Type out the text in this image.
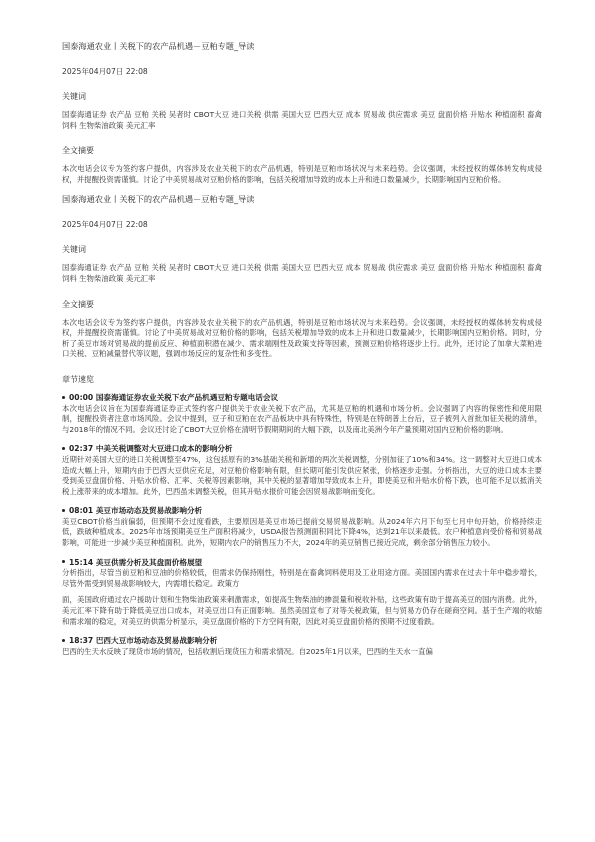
国泰海通农业丨关税下的农产品机遇－豆粕专题_导读

2025年04月07日 22:08

关键词

国泰海通证券 农产品 豆粕 关税 吴者时 CBOT大豆 进口关税 供需 美国大豆 巴西大豆 成本 贸易战 供应需求 美豆 盘面价格 升贴水 种植面积 畜禽饲料 生物柴油政策 美元汇率

全文摘要

本次电话会议专为签约客户提供，内容涉及农业关税下的农产品机遇，特别是豆粕市场状况与未来趋势。会议强调，未经授权的媒体转发构成侵权，并提醒投资需谨慎。讨论了中美贸易战对豆粕价格的影响，包括关税增加导致的成本上升和进口数量减少，长期影响国内豆粕价格。

国泰海通农业丨关税下的农产品机遇－豆粕专题_导读

2025年04月07日 22:08

关键词

国泰海通证券 农产品 豆粕 关税 吴者时 CBOT大豆 进口关税 供需 美国大豆 巴西大豆 成本 贸易战 供应需求 美豆 盘面价格 升贴水 种植面积 畜禽饲料 生物柴油政策 美元汇率

全文摘要

本次电话会议专为签约客户提供，内容涉及农业关税下的农产品机遇，特别是豆粕市场状况与未来趋势。会议强调，未经授权的媒体转发构成侵权，并提醒投资需谨慎。讨论了中美贸易战对豆粕价格的影响，包括关税增加导致的成本上升和进口数量减少，长期影响国内豆粕价格。同时，分析了美豆市场对贸易战的提前反应、种植面积潜在减少、需求端刚性及政策支持等因素，预测豆粕价格将逐步上行。此外，还讨论了加拿大菜粕进口关税、豆粕减量替代等议题，强调市场反应的复杂性和多变性。

章节速览

00:00 国泰海通证券农业关税下农产品机遇豆粕专题电话会议

本次电话会议旨在为国泰海通证券正式签约客户提供关于农业关税下农产品，尤其是豆粕的机遇和市场分析。会议强调了内容的保密性和使用限制，提醒投资者注意市场风险。会议中提到，豆子和豆粕在农产品板块中具有特殊性，特别是在特朗普上台后，豆子被列入首批加征关税的清单，与2018年的情况不同。会议还讨论了CBOT大豆价格在清明节假期期间的大幅下跌，以及南北美洲今年产量预期对国内豆粕价格的影响。

02:37 中美关税调整对大豆进口成本的影响分析

近期针对美国大豆的进口关税调整至47%，这包括原有的3%基础关税和新增的两次关税调整，分别加征了10%和34%。这一调整对大豆进口成本造成大幅上升，短期内由于巴西大豆供应充足，对豆粕价格影响有限，但长期可能引发供应紧张，价格逐步走强。分析指出，大豆的进口成本主要受到美豆盘面价格、升贴水价格、汇率、关税等因素影响，其中关税的显著增加导致成本上升，即使美豆和升贴水价格下跌，也可能不足以抵消关税上涨带来的成本增加。此外，巴西虽未调整关税，但其升贴水报价可能会因贸易战影响而变化。

08:01 美豆市场动态及贸易战影响分析

美豆CBOT价格当前偏弱，但预期不会过度看跌，主要原因是美豆市场已提前交易贸易战影响。从2024年六月下旬至七月中旬开始，价格持续走低，跌破种植成本。2025年市场预期美豆生产面积将减少，USDA报告预测面积同比下降4%，达到21年以来最低。农户种植意向受价格和贸易战影响，可能进一步减少美豆种植面积。此外，短期内农户的销售压力不大，2024年的美豆销售已接近完成，剩余部分销售压力较小。

15:14 美豆供需分析及其盘面价格展望

分析指出，尽管当前豆粕和豆油的价格较低，但需求仍保持刚性，特别是在畜禽饲料使用及工业用途方面。美国国内需求在过去十年中稳步增长，尽管外需受到贸易战影响较大，内需增长稳定。政策方

面，美国政府通过农户援助计划和生物柴油政策来刺激需求，如提高生物柴油的掺混量和税收补贴，这些政策有助于提高美豆的国内消费。此外，美元汇率下降有助于降低美豆出口成本，对美豆出口有正面影响。虽然美国宣布了对等关税政策，但与贸易方仍存在磋商空间。基于生产端的收缩和需求端的稳定，对美豆的供需分析显示，美豆盘面价格的下方空间有限，因此对美豆盘面价格的预期不过度看跌。

18:37 巴西大豆市场动态及贸易战影响分析

巴西的生天水反映了现货市场的情况，包括收割后现货压力和需求情况。自2025年1月以来，巴西的生天水一直偏
